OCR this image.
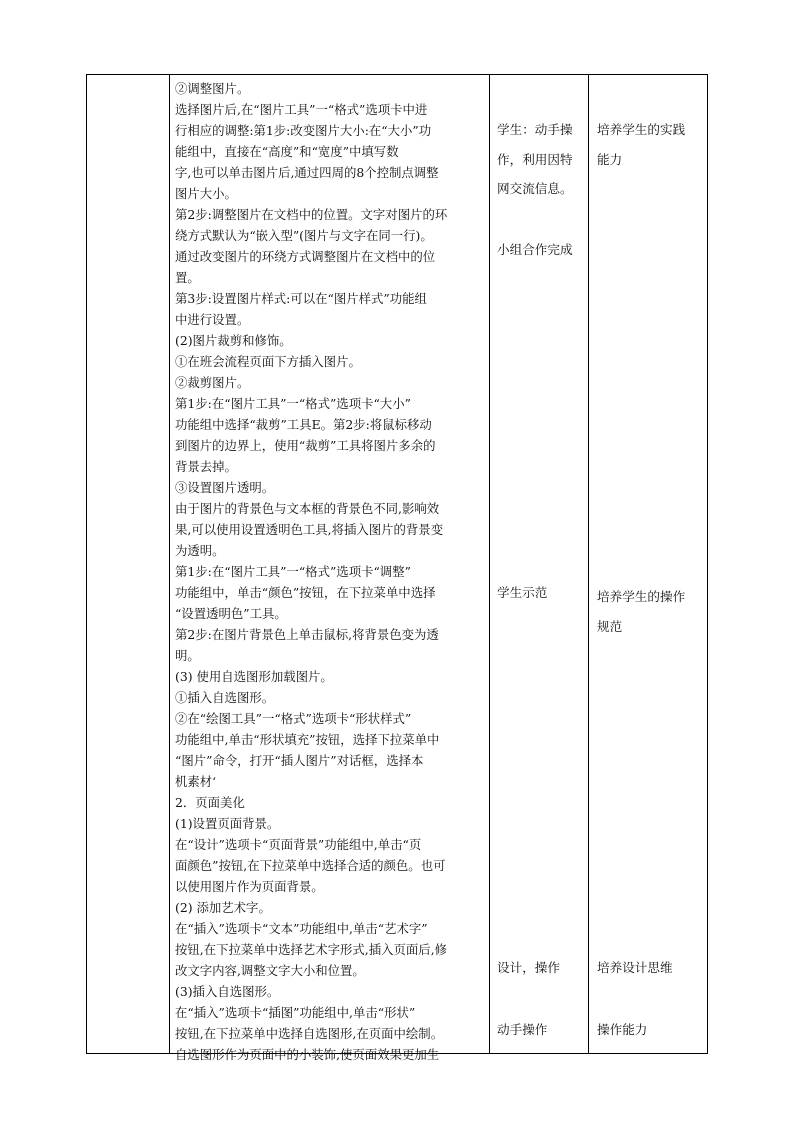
②调整图片。
选择图片后,在“图片工具”一“格式”选项卡中进
行相应的调整:第1步:改变图片大小:在“大小”功
能组中，直接在“高度”和“宽度”中填写数
字,也可以单击图片后,通过四周的8个控制点调整
图片大小。
第2步:调整图片在文档中的位置。文字对图片的环
绕方式默认为“嵌入型”(图片与文字在同一行)。
通过改变图片的环绕方式调整图片在文档中的位
置。
第3步:设置图片样式:可以在“图片样式”功能组
中进行设置。
(2)图片裁剪和修饰。
①在班会流程页面下方插入图片。
②裁剪图片。
第1步:在“图片工具”一“格式”选项卡“大小”
功能组中选择“裁剪”工具E。第2步:将鼠标移动
到图片的边界上，使用“裁剪”工具将图片多余的
背景去掉。
③设置图片透明。
由于图片的背景色与文本框的背景色不同,影响效
果,可以使用设置透明色工具,将插入图片的背景变
为透明。
第1步:在“图片工具”一“格式”选项卡“调整”
功能组中，单击“颜色”按钮，在下拉菜单中选择
“设置透明色”工具。
第2步:在图片背景色上单击鼠标,将背景色变为透
明。
(3) 使用自选图形加载图片。
①插入自选图形。
②在“绘图工具”一“格式”选项卡“形状样式”
功能组中,单击“形状填充”按钮，选择下拉菜单中
“图片”命令，打开“插人图片”对话框，选择本
机素材‘
2．页面美化
(1)设置页面背景。
在“设计”选项卡“页面背景”功能组中,单击“页
面颜色”按钮,在下拉菜单中选择合适的颜色。也可
以使用图片作为页面背景。
(2) 添加艺术字。
在“插入”选项卡“文本”功能组中,单击“艺术字”
按钮,在下拉菜单中选择艺术字形式,插入页面后,修
改文字内容,调整文字大小和位置。
(3)插入自选图形。
在“插入”选项卡“插图”功能组中,单击“形状”
按钮,在下拉菜单中选择自选图形,在页面中绘制。
自选图形作为页面中的小装饰,使页面效果更加生
学生：动手操
作，利用因特
网交流信息。
小组合作完成
学生示范
设计，操作
动手操作
培养学生的实践
能力
培养学生的操作
规范
培养设计思维
操作能力
